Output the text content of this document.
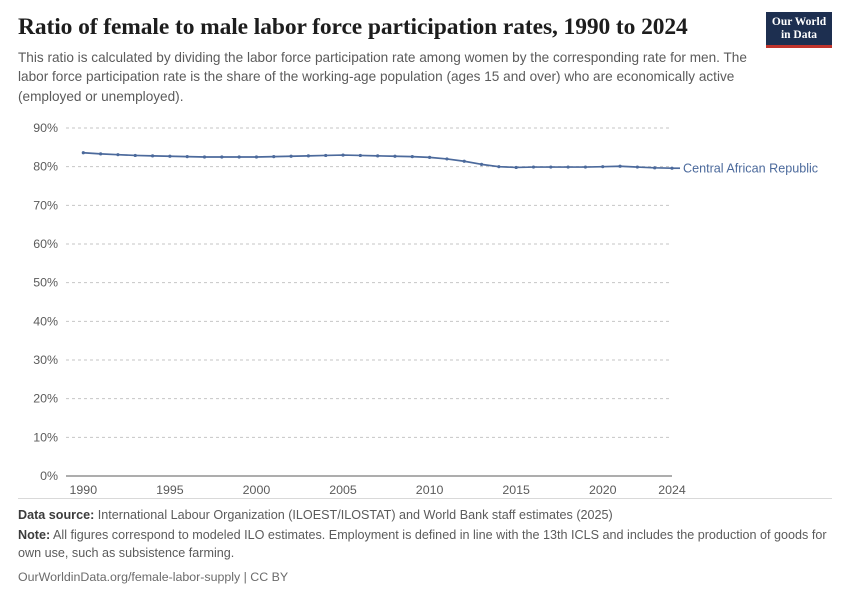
Ratio of female to male labor force participation rates, 1990 to 2024

This ratio is calculated by dividing the labor force participation rate among women by the corresponding rate for men. The labor force participation rate is the share of the working-age population (ages 15 and over) who are economically active (employed or unemployed).

Our World
in Data
0%
10%
20%
30%
40%
50%
60%
70%
80%
90%
1990	1995	2000	2005	2010	2015	2020	2024
Central African Republic
Data source: International Labour Organization (ILOEST/ILOSTAT) and World Bank staff estimates (2025)
Note: All figures correspond to modeled ILO estimates. Employment is defined in line with the 13th ICLS and includes the production of goods for own use, such as subsistence farming.
OurWorldinData.org/female-labor-supply | CC BY
